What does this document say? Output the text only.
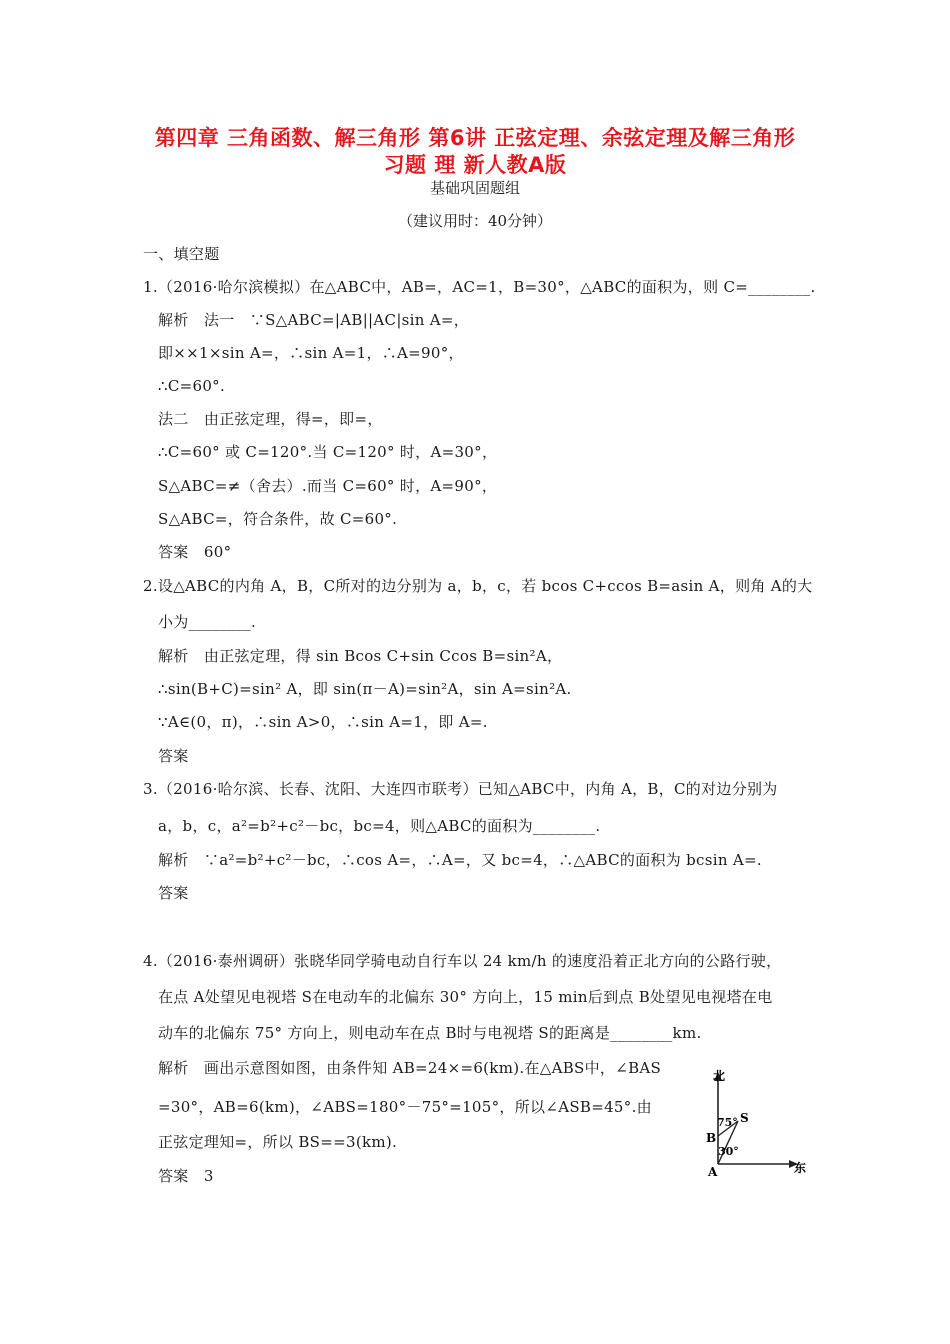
第四章 三角函数、解三角形 第6讲 正弦定理、余弦定理及解三角形
习题 理 新人教A版
基础巩固题组
（建议用时：40分钟）
一、填空题
1.（2016·哈尔滨模拟）在△ABC中，AB=，AC=1，B=30°，△ABC的面积为，则 C=________.
解析　法一　∵S△ABC=|AB||AC|sin A=，
即××1×sin A=，∴sin A=1，∴A=90°，
∴C=60°.
法二　由正弦定理，得=，即=，
∴C=60° 或 C=120°.当 C=120° 时，A=30°，
S△ABC=≠（舍去）.而当 C=60° 时，A=90°，
S△ABC=，符合条件，故 C=60°.
答案　60°
2.设△ABC的内角 A，B，C所对的边分别为 a，b，c，若 bcos C+ccos B=asin A，则角 A的大
小为________.
解析　由正弦定理，得 sin Bcos C+sin Ccos B=sin²A，
∴sin(B+C)=sin² A，即 sin(π－A)=sin²A，sin A=sin²A.
∵A∈(0，π)，∴sin A>0，∴sin A=1，即 A=.
答案
3.（2016·哈尔滨、长春、沈阳、大连四市联考）已知△ABC中，内角 A，B，C的对边分别为
a，b，c，a²=b²+c²－bc，bc=4，则△ABC的面积为________.
解析　∵a²=b²+c²－bc，∴cos A=，∴A=，又 bc=4，∴△ABC的面积为 bcsin A=.
答案
4.（2016·泰州调研）张晓华同学骑电动自行车以 24 km/h 的速度沿着正北方向的公路行驶，
在点 A处望见电视塔 S在电动车的北偏东 30° 方向上，15 min后到点 B处望见电视塔在电
动车的北偏东 75° 方向上，则电动车在点 B时与电视塔 S的距离是________km.
解析　画出示意图如图，由条件知 AB=24×=6(km).在△ABS中，∠BAS
=30°，AB=6(km)，∠ABS=180°－75°=105°，所以∠ASB=45°.由
正弦定理知=，所以 BS==3(km).
答案　3
北
东
75°
30°
S
B
A
